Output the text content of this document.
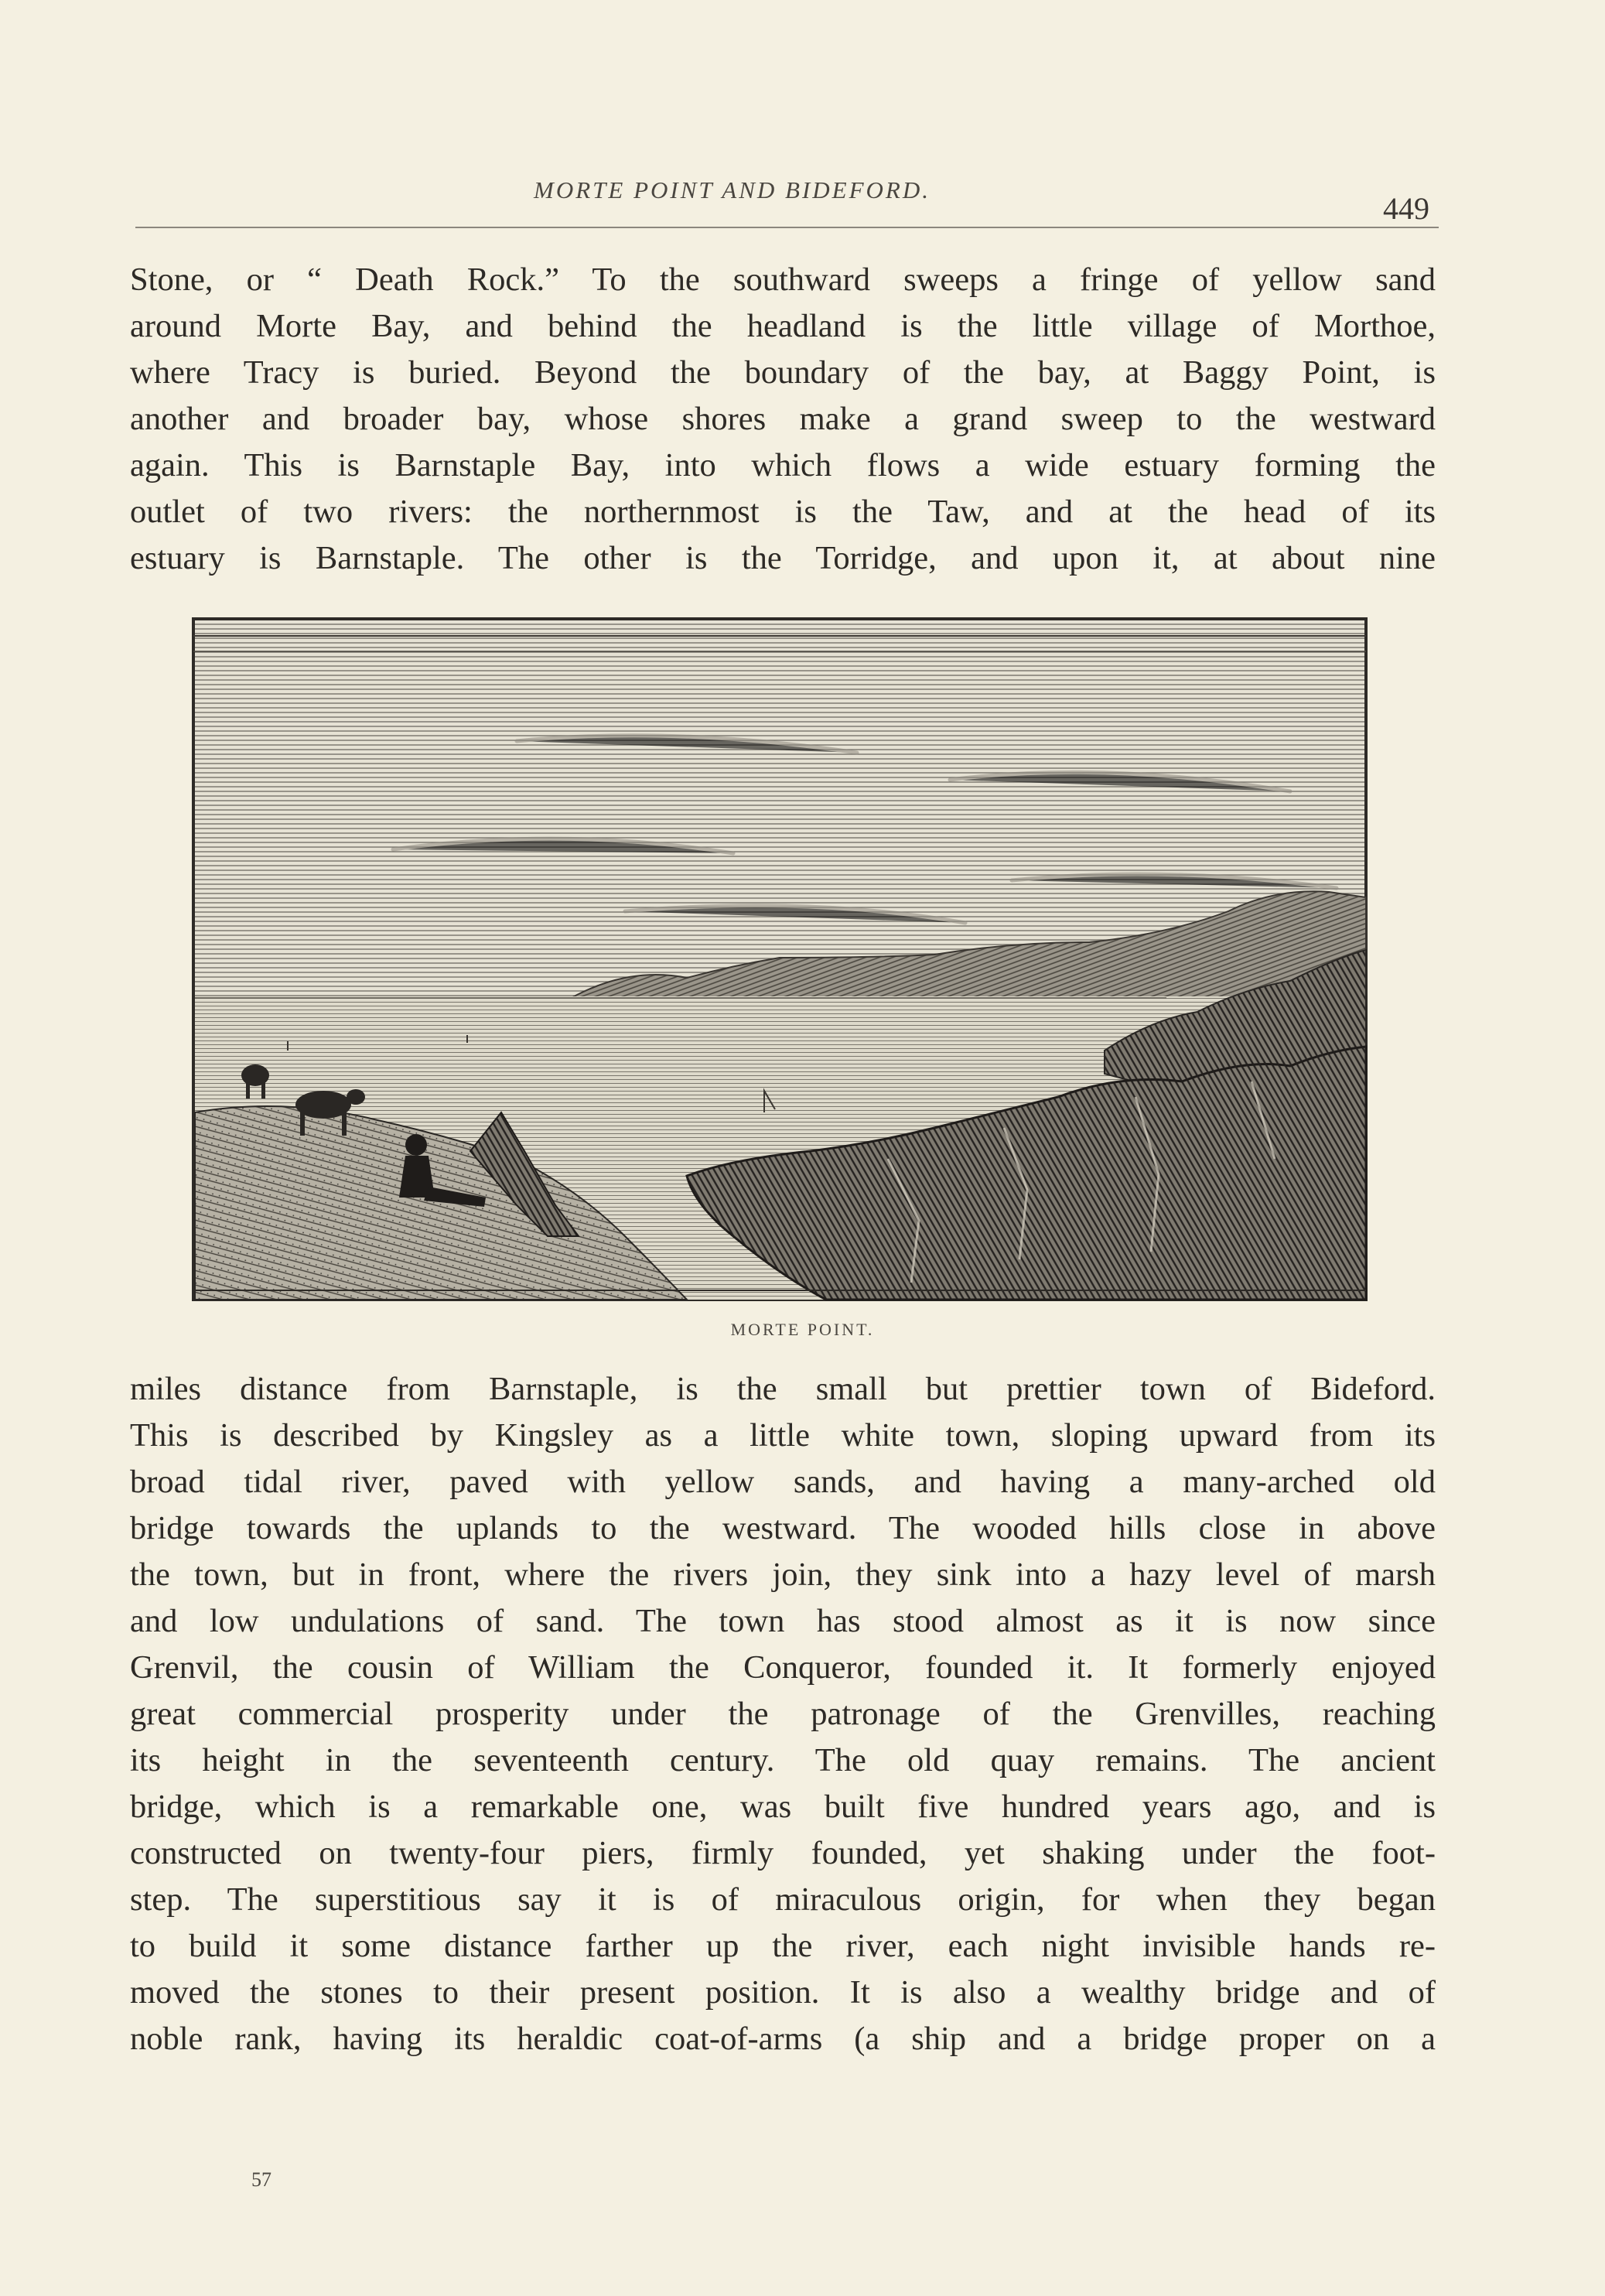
MORTE POINT AND BIDEFORD.
449
Stone, or “ Death Rock.” To the southward sweeps a fringe of yellow sand
around Morte Bay, and behind the headland is the little village of Morthoe,
where Tracy is buried. Beyond the boundary of the bay, at Baggy Point, is
another and broader bay, whose shores make a grand sweep to the westward
again. This is Barnstaple Bay, into which flows a wide estuary forming the
outlet of two rivers: the northernmost is the Taw, and at the head of its
estuary is Barnstaple. The other is the Torridge, and upon it, at about nine
MORTE POINT.
miles distance from Barnstaple, is the small but prettier town of Bideford.
This is described by Kingsley as a little white town, sloping upward from its
broad tidal river, paved with yellow sands, and having a many-arched old
bridge towards the uplands to the westward. The wooded hills close in above
the town, but in front, where the rivers join, they sink into a hazy level of marsh
and low undulations of sand. The town has stood almost as it is now since
Grenvil, the cousin of William the Conqueror, founded it. It formerly enjoyed
great commercial prosperity under the patronage of the Grenvilles, reaching
its height in the seventeenth century. The old quay remains. The ancient
bridge, which is a remarkable one, was built five hundred years ago, and is
constructed on twenty-four piers, firmly founded, yet shaking under the foot-
step. The superstitious say it is of miraculous origin, for when they began
to build it some distance farther up the river, each night invisible hands re-
moved the stones to their present position. It is also a wealthy bridge and of
noble rank, having its heraldic coat-of-arms (a ship and a bridge proper on a
57
